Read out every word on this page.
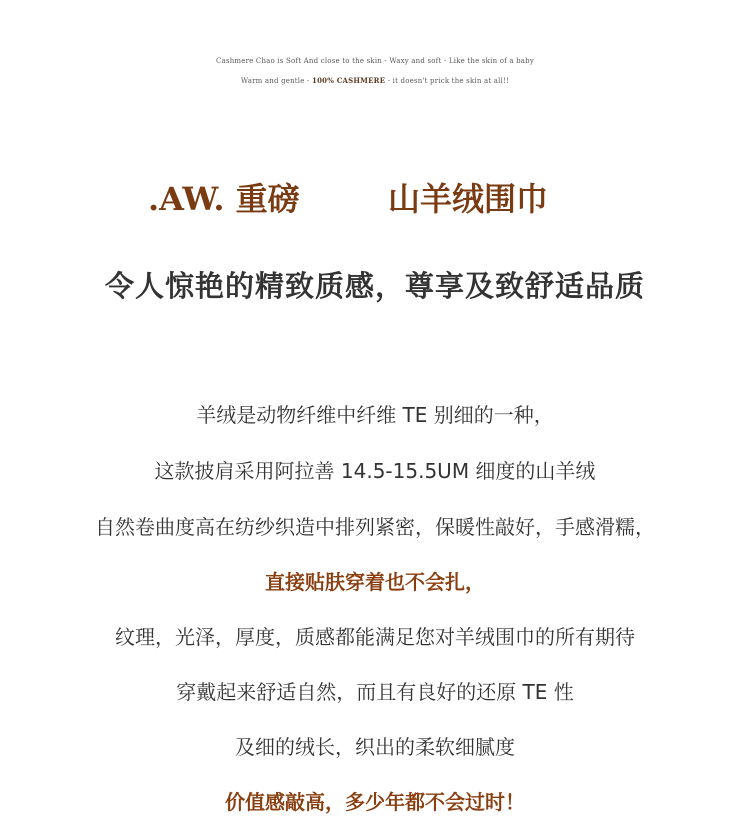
Cashmere Chao is Soft And close to the skin - Waxy and soft - Like the skin of a baby
Warm and gentle - 100% CASHMERE - it doesn't prick the skin at all!!
.AW. 重磅	山羊绒围巾
令人惊艳的精致质感，尊享及致舒适品质
羊绒是动物纤维中纤维 TE 别细的一种，
这款披肩采用阿拉善 14.5-15.5UM 细度的山羊绒
自然卷曲度高在纺纱织造中排列紧密，保暖性敲好，手感滑糯，
直接贴肤穿着也不会扎，
纹理，光泽，厚度，质感都能满足您对羊绒围巾的所有期待
穿戴起来舒适自然，而且有良好的还原 TE 性
及细的绒长，织出的柔软细腻度
价值感敲高，多少年都不会过时！
